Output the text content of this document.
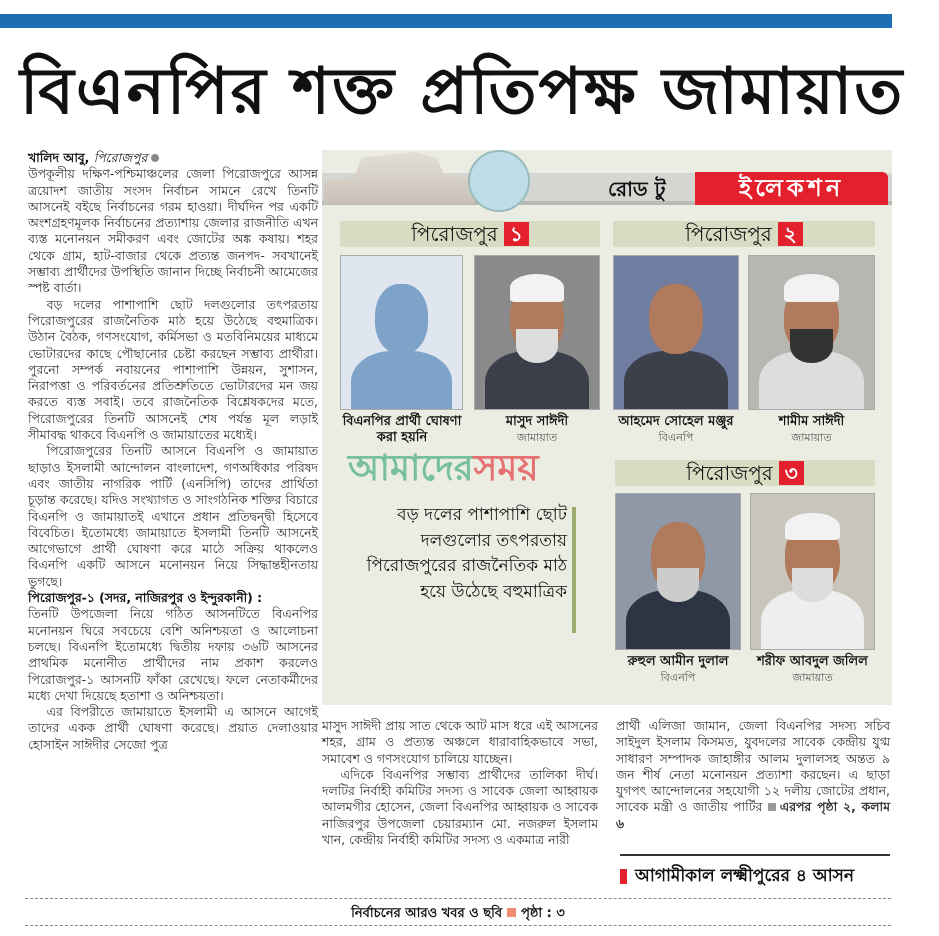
বিএনপির শক্ত প্রতিপক্ষ জামায়াত
খালিদ আবু, পিরোজপুর

উপকূলীয় দক্ষিণ-পশ্চিমাঞ্চলের জেলা পিরোজপুরে আসন্ন ত্রয়োদশ জাতীয় সংসদ নির্বাচন সামনে রেখে তিনটি আসনেই বইছে নির্বাচনের গরম হাওয়া। দীর্ঘদিন পর একটি অংশগ্রহণমূলক নির্বাচনের প্রত্যাশায় জেলার রাজনীতি এখন ব্যস্ত মনোনয়ন সমীকরণ এবং জোটের অঙ্ক কষায়। শহর থেকে গ্রাম, হাট-বাজার থেকে প্রত্যন্ত জনপদ- সবখানেই সম্ভাব্য প্রার্থীদের উপস্থিতি জানান দিচ্ছে নির্বাচনী আমেজের স্পষ্ট বার্তা।

বড় দলের পাশাপাশি ছোট দলগুলোর তৎপরতায় পিরোজপুরের রাজনৈতিক মাঠ হয়ে উঠেছে বহুমাত্রিক। উঠান বৈঠক, গণসংযোগ, কর্মিসভা ও মতবিনিময়ের মাধ্যমে ভোটারদের কাছে পৌছানোর চেষ্টা করছেন সম্ভাব্য প্রার্থীরা। পুরনো সম্পর্ক নবায়নের পাশাপাশি উন্নয়ন, সুশাসন, নিরাপত্তা ও পরিবর্তনের প্রতিশ্রুতিতে ভোটারদের মন জয় করতে ব্যস্ত সবাই। তবে রাজনৈতিক বিশ্লেষকদের মতে, পিরোজপুরের তিনটি আসনেই শেষ পর্যন্ত মূল লড়াই সীমাবদ্ধ থাকবে বিএনপি ও জামায়াতের মধ্যেই।

পিরোজপুরের তিনটি আসনে বিএনপি ও জামায়াত ছাড়াও ইসলামী আন্দোলন বাংলাদেশ, গণঅধিকার পরিষদ এবং জাতীয় নাগরিক পার্টি (এনসিপি) তাদের প্রার্থিতা চূড়ান্ত করেছে। যদিও সংখ্যাগত ও সাংগঠনিক শক্তির বিচারে বিএনপি ও জামায়াতই এখানে প্রধান প্রতিদ্বন্দ্বী হিসেবে বিবেচিত। ইতোমধ্যে জামায়াতে ইসলামী তিনটি আসনেই আগেভাগে প্রার্থী ঘোষণা করে মাঠে সক্রিয় থাকলেও বিএনপি একটি আসনে মনোনয়ন নিয়ে সিদ্ধান্তহীনতায় ভুগছে।

পিরোজপুর-১ (সদর, নাজিরপুর ও ইন্দুরকানী) :

তিনটি উপজেলা নিয়ে গঠিত আসনটিতে বিএনপির মনোনয়ন ঘিরে সবচেয়ে বেশি অনিশ্চয়তা ও আলোচনা চলছে। বিএনপি ইতোমধ্যে দ্বিতীয় দফায় ৩৬টি আসনের প্রাথমিক মনোনীত প্রার্থীদের নাম প্রকাশ করলেও পিরোজপুর-১ আসনটি ফাঁকা রেখেছে। ফলে নেতাকর্মীদের মধ্যে দেখা দিয়েছে হতাশা ও অনিশ্চয়তা।

এর বিপরীতে জামায়াতে ইসলামী এ আসনে আগেই তাদের একক প্রার্থী ঘোষণা করেছে। প্রয়াত দেলাওয়ার হোসাইন সাঈদীর সেজো পুত্র

রোড টু	ইলেকশন
পিরোজপুর ১
বিএনপির প্রার্থী ঘোষণা করা হয়নি
মাসুদ সাঈদী
জামায়াত
পিরোজপুর ২
আহমেদ সোহেল মঞ্জুর
বিএনপি
শামীম সাঈদী
জামায়াত
আমাদেরসময়	পিরোজপুর ৩
রুহুল আমীন দুলাল
বিএনপি
শরীফ আবদুল জলিল
জামায়াত
বড় দলের পাশাপাশি ছোট দলগুলোর তৎপরতায় পিরোজপুরের রাজনৈতিক মাঠ হয়ে উঠেছে বহুমাত্রিক

মাসুদ সাঈদী প্রায় সাত থেকে আট মাস ধরে এই আসনের শহর, গ্রাম ও প্রত্যন্ত অঞ্চলে ধারাবাহিকভাবে সভা, সমাবেশ ও গণসংযোগ চালিয়ে যাচ্ছেন।

এদিকে বিএনপির সম্ভাব্য প্রার্থীদের তালিকা দীর্ঘ। দলটির নির্বাহী কমিটির সদস্য ও সাবেক জেলা আহ্বায়ক আলমগীর হোসেন, জেলা বিএনপির আহ্বায়ক ও সাবেক নাজিরপুর উপজেলা চেয়ারম্যান মো. নজরুল ইসলাম খান, কেন্দ্রীয় নির্বাহী কমিটির সদস্য ও একমাত্র নারী

প্রার্থী এলিজা জামান, জেলা বিএনপির সদস্য সচিব সাইদুল ইসলাম কিসমত, যুবদলের সাবেক কেন্দ্রীয় যুগ্ম সাধারণ সম্পাদক জাহাঙ্গীর আলম দুলালসহ অন্তত ৯ জন শীর্ষ নেতা মনোনয়ন প্রত্যাশা করছেন। এ ছাড়া যুগপৎ আন্দোলনের সহযোগী ১২ দলীয় জোটের প্রধান, সাবেক মন্ত্রী ও জাতীয় পার্টির এরপর পৃষ্ঠা ২, কলাম ৬
আগামীকাল লক্ষ্মীপুরের ৪ আসন
নির্বাচনের আরও খবর ও ছবি পৃষ্ঠা : ৩
